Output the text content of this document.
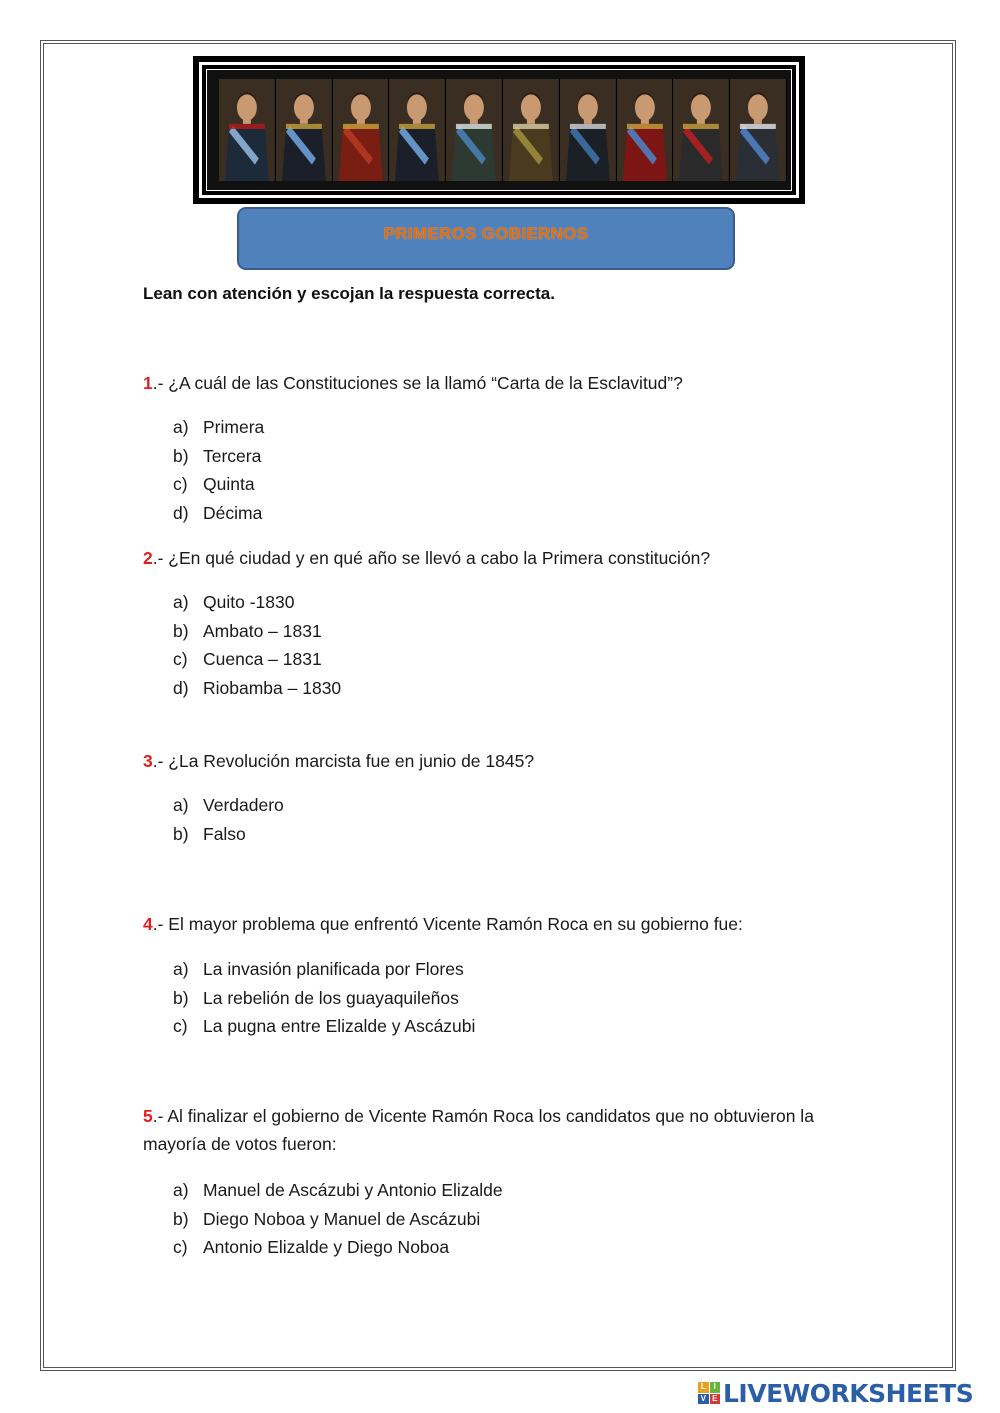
PRIMEROS GOBIERNOS
Lean con atención y escojan la respuesta correcta.
1.- ¿A cuál de las Constituciones se la llamó “Carta de la Esclavitud”?
a) Primera
b) Tercera
c) Quinta
d) Décima
2.- ¿En qué ciudad y en qué año se llevó a cabo la Primera constitución?
a) Quito -1830
b) Ambato – 1831
c) Cuenca – 1831
d) Riobamba – 1830
3.- ¿La Revolución marcista fue en junio de 1845?
a) Verdadero
b) Falso
4.- El mayor problema que enfrentó Vicente Ramón Roca en su gobierno fue:
a) La invasión planificada por Flores
b) La rebelión de los guayaquileños
c) La pugna entre Elizalde y Ascázubi
5.- Al finalizar el gobierno de Vicente Ramón Roca los candidatos que no obtuvieron la mayoría de votos fueron:
a) Manuel de Ascázubi y Antonio Elizalde
b) Diego Noboa y Manuel de Ascázubi
c) Antonio Elizalde y Diego Noboa
L I
V E LIVEWORKSHEETS
